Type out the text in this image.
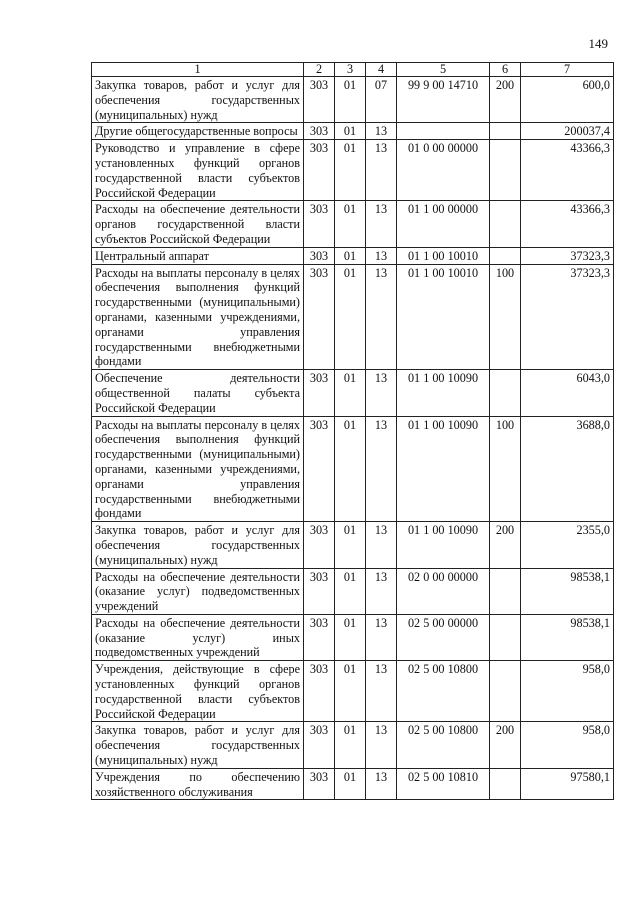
149
1	2	3	4	5	6	7
Закупка товаров, работ и услуг для обеспечения государственных (муниципальных) нужд	303	01	07	99 9 00 14710	200	600,0
Другие общегосударственные вопросы	303	01	13			200037,4
Руководство и управление в сфере установленных функций органов государственной власти субъектов Российской Федерации	303	01	13	01 0 00 00000		43366,3
Расходы на обеспечение деятельности органов государственной власти субъектов Российской Федерации	303	01	13	01 1 00 00000		43366,3
Центральный аппарат	303	01	13	01 1 00 10010		37323,3
Расходы на выплаты персоналу в целях обеспечения выполнения функций государственными (муниципальными) органами, казенными учреждениями, органами управления государственными внебюджетными фондами	303	01	13	01 1 00 10010	100	37323,3
Обеспечение деятельности общественной палаты субъекта Российской Федерации	303	01	13	01 1 00 10090		6043,0
Расходы на выплаты персоналу в целях обеспечения выполнения функций государственными (муниципальными) органами, казенными учреждениями, органами управления государственными внебюджетными фондами	303	01	13	01 1 00 10090	100	3688,0
Закупка товаров, работ и услуг для обеспечения государственных (муниципальных) нужд	303	01	13	01 1 00 10090	200	2355,0
Расходы на обеспечение деятельности (оказание услуг) подведомственных учреждений	303	01	13	02 0 00 00000		98538,1
Расходы на обеспечение деятельности (оказание услуг) иных подведомственных учреждений	303	01	13	02 5 00 00000		98538,1
Учреждения, действующие в сфере установленных функций органов государственной власти субъектов Российской Федерации	303	01	13	02 5 00 10800		958,0
Закупка товаров, работ и услуг для обеспечения государственных (муниципальных) нужд	303	01	13	02 5 00 10800	200	958,0
Учреждения по обеспечению хозяйственного обслуживания	303	01	13	02 5 00 10810		97580,1
